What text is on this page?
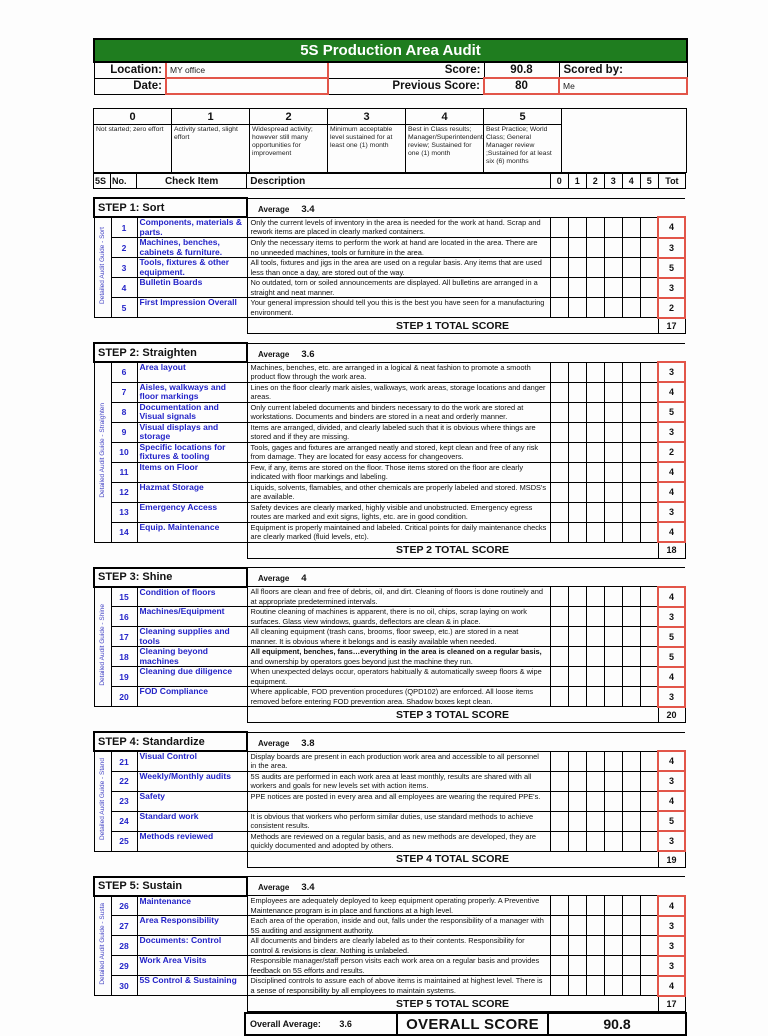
5S Production Area Audit				
Location:	MY office	Score:	90.8	Scored by:
Date:		Previous Score:	80	Me
0	1	2	3	4	5	
Not started; zero effort	Activity started, slight effort	Widespread activity; however still many opportunities for improvement	Minimum acceptable level sustained for at least one (1) month	Best in Class results; Manager/Superintendent review; Sustained for one (1) month	Best Practice; World Class; General Manager review ;Sustained for at least six (6) months	
5S	No.	Check Item	Description	0	1	2	3	4	5	Tot
STEP 1: Sort			Average 3.4							
Detailed Audit Guide - Sort	1	Components, materials & parts.	Only the current levels of inventory in the area is needed for the work at hand. Scrap and rework items are placed in clearly marked containers.							4
	2	Machines, benches, cabinets & furniture.	Only the necessary items to perform the work at hand are located in the area. There are no unneeded machines, tools or furniture in the area.							3
	3	Tools, fixtures & other equipment.	All tools, fixtures and jigs in the area are used on a regular basis. Any items that are used less than once a day, are stored out of the way.							5
	4	Bulletin Boards	No outdated, torn or soiled announcements are displayed. All bulletins are arranged in a straight and neat manner.							3
	5	First Impression Overall	Your general impression should tell you this is the best you have seen for a manufacturing environment.							2
			STEP 1 TOTAL SCORE							17
STEP 2: Straighten			Average 3.6							
Detailed Audit Guide - Straighten	6	Area layout	Machines, benches, etc. are arranged in a logical & neat fashion to promote a smooth product flow through the work area.							3
	7	Aisles, walkways and floor markings	Lines on the floor clearly mark aisles, walkways, work areas, storage locations and danger areas.							4
	8	Documentation and Visual signals	Only current labeled documents and binders necessary to do the work are stored at workstations. Documents and binders are stored in a neat and orderly manner.							5
	9	Visual displays and storage	Items are arranged, divided, and clearly labeled such that it is obvious where things are stored and if they are missing.							3
	10	Specific locations for fixtures & tooling	Tools, gages and fixtures are arranged neatly and stored, kept clean and free of any risk from damage. They are located for easy access for changeovers.							2
	11	Items on Floor	Few, if any, items are stored on the floor. Those items stored on the floor are clearly indicated with floor markings and labeling.							4
	12	Hazmat Storage	Liquids, solvents, flamables, and other chemicals are properly labeled and stored. MSDS's are available.							4
	13	Emergency Access	Safety devices are clearly marked, highly visible and unobstructed. Emergency egress routes are marked and exit signs, lights, etc. are in good condition.							3
	14	Equip. Maintenance	Equipment is properly maintained and labeled. Critical points for daily maintenance checks are clearly marked (fluid levels, etc).							4
			STEP 2 TOTAL SCORE							18
STEP 3: Shine			Average 4							
Detailed Audit Guide - Shine	15	Condition of floors	All floors are clean and free of debris, oil, and dirt. Cleaning of floors is done routinely and at appropriate predetermined intervals.							4
	16	Machines/Equipment	Routine cleaning of machines is apparent, there is no oil, chips, scrap laying on work surfaces. Glass view windows, guards, deflectors are clean & in place.							3
	17	Cleaning supplies and tools	All cleaning equipment (trash cans, brooms, floor sweep, etc.) are stored in a neat manner. It is obvious where it belongs and is easily available when needed.							5
	18	Cleaning beyond machines	All equipment, benches, fans…everything in the area is cleaned on a regular basis, and ownership by operators goes beyond just the machine they run.							5
	19	Cleaning due diligence	When unexpected delays occur, operators habitually & automatically sweep floors & wipe equipment.							4
	20	FOD Compliance	Where applicable, FOD prevention procedures (QPD102) are enforced. All loose items removed before entering FOD prevention area. Shadow boxes kept clean.							3
			STEP 3 TOTAL SCORE							20
STEP 4: Standardize			Average 3.8							
Detailed Audit Guide - Stand	21	Visual Control	Display boards are present in each production work area and accessible to all personnel in the area.							4
	22	Weekly/Monthly audits	5S audits are performed in each work area at least monthly, results are shared with all workers and goals for new levels set with action items.							3
	23	Safety	PPE notices are posted in every area and all employees are wearing the required PPE's.							4
	24	Standard work	It is obvious that workers who perform similar duties, use standard methods to achieve consistent results.							5
	25	Methods reviewed	Methods are reviewed on a regular basis, and as new methods are developed, they are quickly documented and adopted by others.							3
			STEP 4 TOTAL SCORE							19
STEP 5: Sustain			Average 3.4							
Detailed Audit Guide - Susta	26	Maintenance	Employees are adequately deployed to keep equipment operating properly. A Preventive Maintenance program is in place and functions at a high level.							4
	27	Area Responsibility	Each area of the operation, inside and out, falls under the responsibility of a manager with 5S auditing and assignment authority.							3
	28	Documents: Control	All documents and binders are clearly labeled as to their contents. Responsibility for control & revisions is clear. Nothing is unlabeled.							3
	29	Work Area Visits	Responsible manager/staff person visits each work area on a regular basis and provides feedback on 5S efforts and results.							3
	30	5S Control & Sustaining	Disciplined controls to assure each of above items is maintained at highest level. There is a sense of responsibility by all employees to maintain systems.							4
			STEP 5 TOTAL SCORE							17
	Overall Average: 3.6	OVERALL SCORE	90.8
